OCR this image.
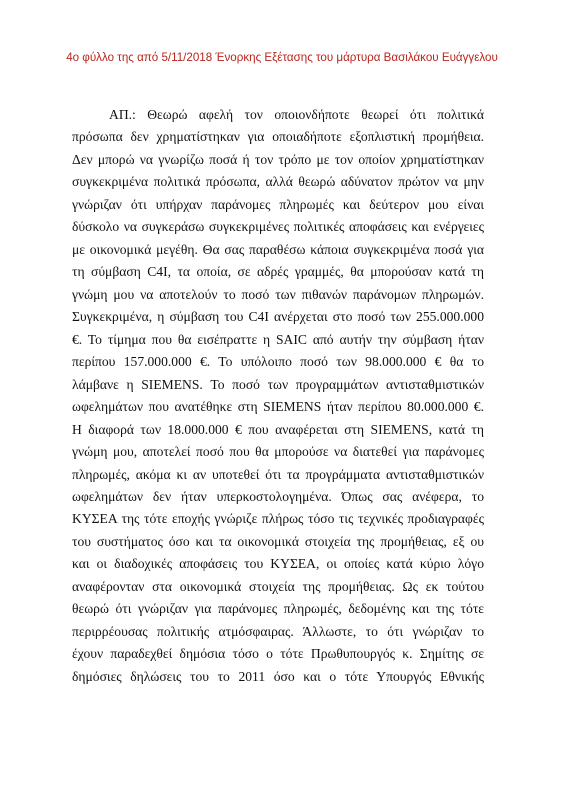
4ο φύλλο της από 5/11/2018 Ένορκης Εξέτασης του μάρτυρα Βασιλάκου Ευάγγελου
ΑΠ.: Θεωρώ αφελή τον οποιονδήποτε θεωρεί ότι πολιτικά
πρόσωπα δεν χρηματίστηκαν για οποιαδήποτε εξοπλιστική προμήθεια.
Δεν μπορώ να γνωρίζω ποσά ή τον τρόπο με τον οποίον χρηματίστηκαν
συγκεκριμένα πολιτικά πρόσωπα, αλλά θεωρώ αδύνατον πρώτον να μην
γνώριζαν ότι υπήρχαν παράνομες πληρωμές και δεύτερον μου είναι
δύσκολο να συγκεράσω συγκεκριμένες πολιτικές αποφάσεις και ενέργειες
με οικονομικά μεγέθη. Θα σας παραθέσω κάποια συγκεκριμένα ποσά για
τη σύμβαση C4I, τα οποία, σε αδρές γραμμές, θα μπορούσαν κατά τη
γνώμη μου να αποτελούν το ποσό των πιθανών παράνομων πληρωμών.
Συγκεκριμένα, η σύμβαση του C4I ανέρχεται στο ποσό των 255.000.000
€. Το τίμημα που θα εισέπραττε η SAIC από αυτήν την σύμβαση ήταν
περίπου 157.000.000 €. Το υπόλοιπο ποσό των 98.000.000 € θα το
λάμβανε η SIEMENS. Το ποσό των προγραμμάτων αντισταθμιστικών
ωφελημάτων που ανατέθηκε στη SIEMENS ήταν περίπου 80.000.000 €.
Η διαφορά των 18.000.000 € που αναφέρεται στη SIEMENS, κατά τη
γνώμη μου, αποτελεί ποσό που θα μπορούσε να διατεθεί για παράνομες
πληρωμές, ακόμα κι αν υποτεθεί ότι τα προγράμματα αντισταθμιστικών
ωφελημάτων δεν ήταν υπερκοστολογημένα. Όπως σας ανέφερα, το
ΚΥΣΕΑ της τότε εποχής γνώριζε πλήρως τόσο τις τεχνικές προδιαγραφές
του συστήματος όσο και τα οικονομικά στοιχεία της προμήθειας, εξ ου
και οι διαδοχικές αποφάσεις του ΚΥΣΕΑ, οι οποίες κατά κύριο λόγο
αναφέρονταν στα οικονομικά στοιχεία της προμήθειας. Ως εκ τούτου
θεωρώ ότι γνώριζαν για παράνομες πληρωμές, δεδομένης και της τότε
περιρρέουσας πολιτικής ατμόσφαιρας. Άλλωστε, το ότι γνώριζαν το
έχουν παραδεχθεί δημόσια τόσο ο τότε Πρωθυπουργός κ. Σημίτης σε
δημόσιες δηλώσεις του το 2011 όσο και ο τότε Υπουργός Εθνικής
